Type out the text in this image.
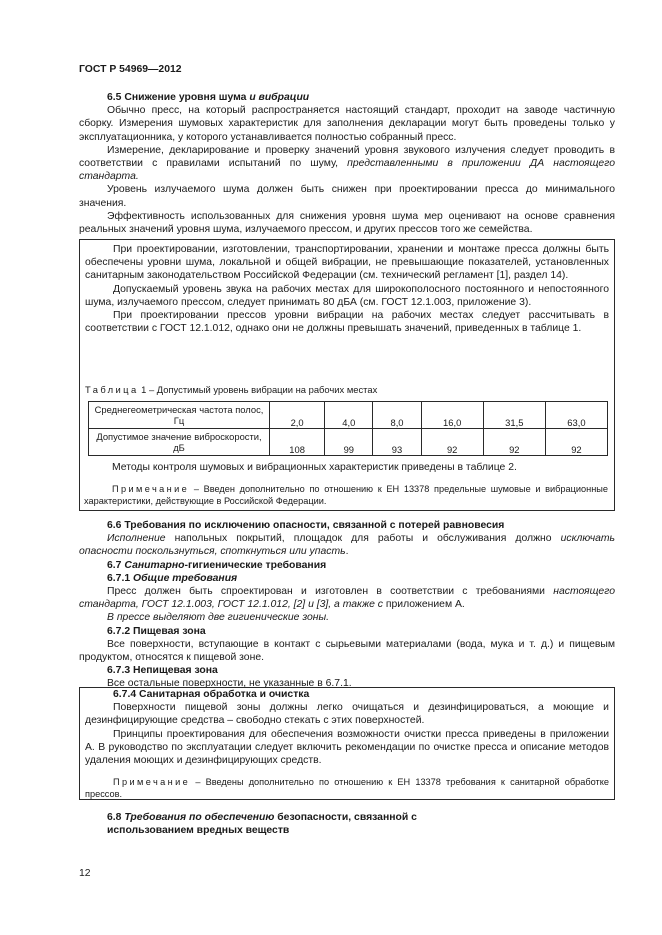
ГОСТ Р 54969—2012

6.5 Снижение уровня шума и вибрации

Обычно пресс, на который распространяется настоящий стандарт, проходит на заводе частичную сборку. Измерения шумовых характеристик для заполнения декларации могут быть проведены только у эксплуатационника, у которого устанавливается полностью собранный пресс.

Измерение, декларирование и проверку значений уровня звукового излучения следует проводить в соответствии с правилами испытаний по шуму, представленными в приложении ДА настоящего стандарта.

Уровень излучаемого шума должен быть снижен при проектировании пресса до минимального значения.

Эффективность использованных для снижения уровня шума мер оценивают на основе сравнения реальных значений уровня шума, излучаемого прессом, и других прессов того же семейства.

При проектировании, изготовлении, транспортировании, хранении и монтаже пресса должны быть обеспечены уровни шума, локальной и общей вибрации, не превышающие показателей, установленных санитарным законодательством Российской Федерации (см. технический регламент [1], раздел 14).

Допускаемый уровень звука на рабочих местах для широкополосного постоянного и непостоянного шума, излучаемого прессом, следует принимать 80 дБА (см. ГОСТ 12.1.003, приложение 3).

При проектировании прессов уровни вибрации на рабочих местах следует рассчитывать в соответствии с ГОСТ 12.1.012, однако они не должны превышать значений, приведенных в таблице 1.

Таблица 1 – Допустимый уровень вибрации на рабочих местах
Среднегеометрическая частота полос, Гц	2,0	4,0	8,0	16,0	31,5	63,0
Допустимое значение виброскорости, дБ	108	99	93	92	92	92

Методы контроля шумовых и вибрационных характеристик приведены в таблице 2.

Примечание – Введен дополнительно по отношению к ЕН 13378 предельные шумовые и вибрационные характеристики, действующие в Российской Федерации.

6.6 Требования по исключению опасности, связанной с потерей равновесия

Исполнение напольных покрытий, площадок для работы и обслуживания должно исключать опасности поскользнуться, споткнуться или упасть.

6.7 Санитарно-гигиенические требования

6.7.1 Общие требования

Пресс должен быть спроектирован и изготовлен в соответствии с требованиями настоящего стандарта, ГОСТ 12.1.003, ГОСТ 12.1.012, [2] и [3], а также с приложением А.

В прессе выделяют две гигиенические зоны.

6.7.2 Пищевая зона

Все поверхности, вступающие в контакт с сырьевыми материалами (вода, мука и т. д.) и пищевым продуктом, относятся к пищевой зоне.

6.7.3 Непищевая зона

Все остальные поверхности, не указанные в 6.7.1.

6.7.4 Санитарная обработка и очистка

Поверхности пищевой зоны должны легко очищаться и дезинфицироваться, а моющие и дезинфицирующие средства – свободно стекать с этих поверхностей.

Принципы проектирования для обеспечения возможности очистки пресса приведены в приложении А. В руководство по эксплуатации следует включить рекомендации по очистке пресса и описание методов удаления моющих и дезинфицирующих средств.

Примечание – Введены дополнительно по отношению к ЕН 13378 требования к санитарной обработке прессов.

6.8 Требования по обеспечению безопасности, связанной с

использованием вредных веществ

12
